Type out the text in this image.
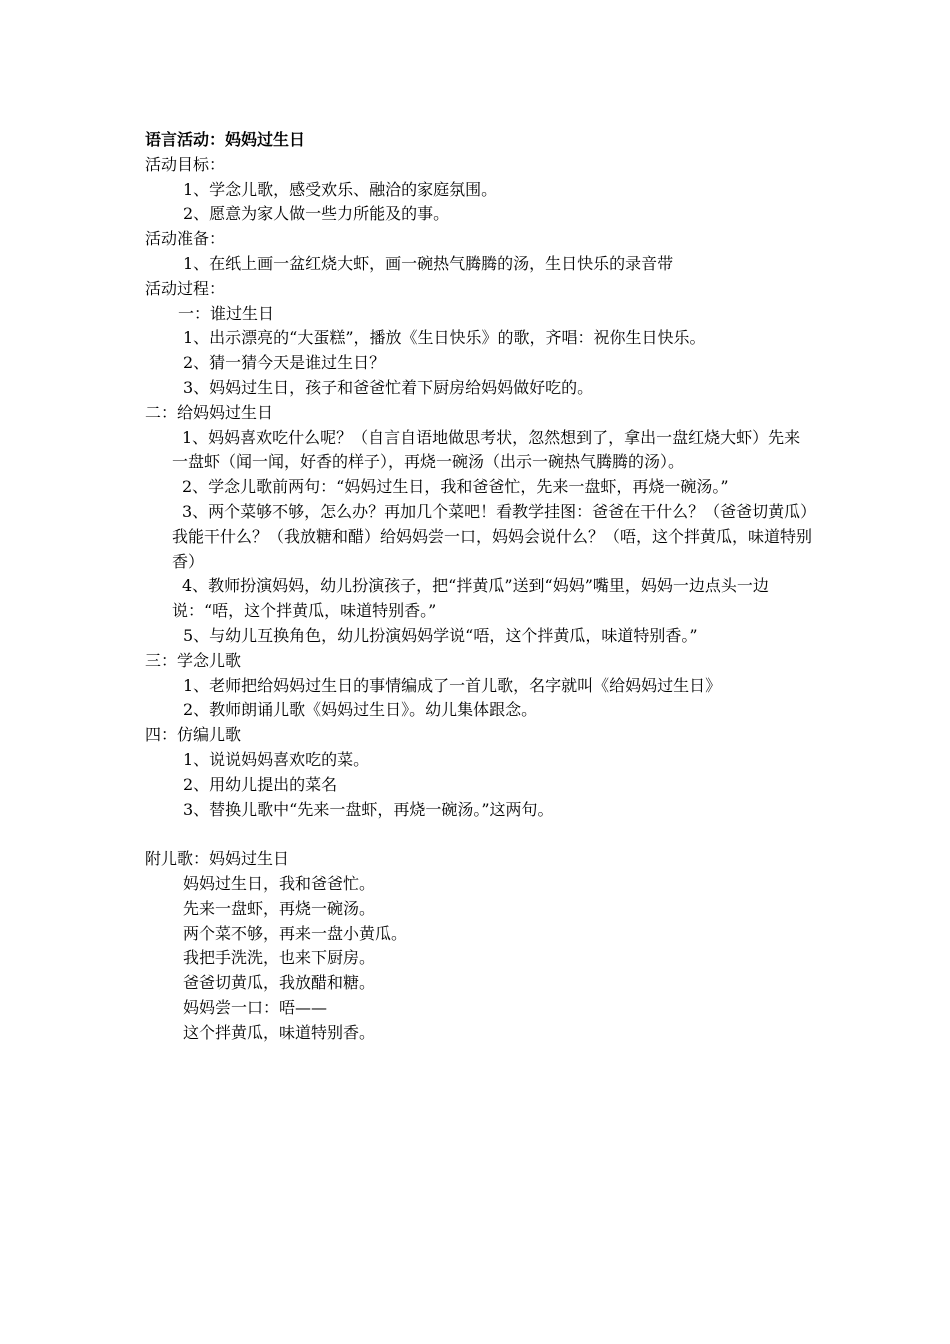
语言活动：妈妈过生日
活动目标：
1、学念儿歌，感受欢乐、融洽的家庭氛围。
2、愿意为家人做一些力所能及的事。
活动准备：
1、在纸上画一盆红烧大虾，画一碗热气腾腾的汤，生日快乐的录音带
活动过程：
一：谁过生日
1、出示漂亮的“大蛋糕”，播放《生日快乐》的歌，齐唱：祝你生日快乐。
2、猜一猜今天是谁过生日？
3、妈妈过生日，孩子和爸爸忙着下厨房给妈妈做好吃的。
二：给妈妈过生日
1、妈妈喜欢吃什么呢？（自言自语地做思考状，忽然想到了，拿出一盘红烧大虾）先来一盘虾（闻一闻，好香的样子），再烧一碗汤（出示一碗热气腾腾的汤）。
2、学念儿歌前两句：“妈妈过生日，我和爸爸忙，先来一盘虾，再烧一碗汤。”
3、两个菜够不够，怎么办？再加几个菜吧！看教学挂图：爸爸在干什么？（爸爸切黄瓜）我能干什么？（我放糖和醋）给妈妈尝一口，妈妈会说什么？（唔，这个拌黄瓜，味道特别香）
4、教师扮演妈妈，幼儿扮演孩子，把“拌黄瓜”送到“妈妈”嘴里，妈妈一边点头一边说：“唔，这个拌黄瓜，味道特别香。”
5、与幼儿互换角色，幼儿扮演妈妈学说“唔，这个拌黄瓜，味道特别香。”
三：学念儿歌
1、老师把给妈妈过生日的事情编成了一首儿歌，名字就叫《给妈妈过生日》
2、教师朗诵儿歌《妈妈过生日》。幼儿集体跟念。
四：仿编儿歌
1、说说妈妈喜欢吃的菜。
2、用幼儿提出的菜名
3、替换儿歌中“先来一盘虾，再烧一碗汤。”这两句。
附儿歌：妈妈过生日
妈妈过生日，我和爸爸忙。
先来一盘虾，再烧一碗汤。
两个菜不够，再来一盘小黄瓜。
我把手洗洗，也来下厨房。
爸爸切黄瓜，我放醋和糖。
妈妈尝一口：唔——
这个拌黄瓜，味道特别香。
